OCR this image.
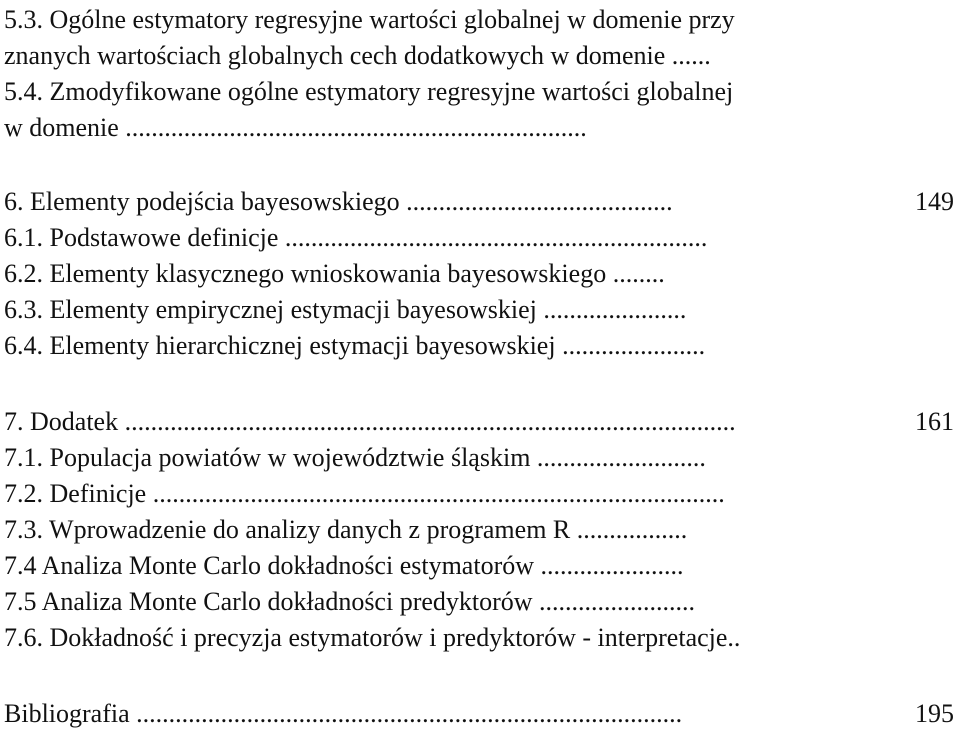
5.3. Ogólne estymatory regresyjne wartości globalnej w domenie przy
znanych wartościach globalnych cech dodatkowych w domenie ......
5.4. Zmodyfikowane ogólne estymatory regresyjne wartości globalnej
w domenie .......................................................................
6. Elementy podejścia bayesowskiego .........................................	149
6.1. Podstawowe definicje .................................................................
6.2. Elementy klasycznego wnioskowania bayesowskiego ........
6.3. Elementy empirycznej estymacji bayesowskiej ......................
6.4. Elementy hierarchicznej estymacji bayesowskiej ......................
7. Dodatek ..............................................................................................	161
7.1. Populacja powiatów w województwie śląskim ..........................
7.2. Definicje ........................................................................................
7.3. Wprowadzenie do analizy danych z programem R .................
7.4 Analiza Monte Carlo dokładności estymatorów ......................
7.5 Analiza Monte Carlo dokładności predyktorów ........................
7.6. Dokładność i precyzja estymatorów i predyktorów - interpretacje..
Bibliografia ....................................................................................	195
